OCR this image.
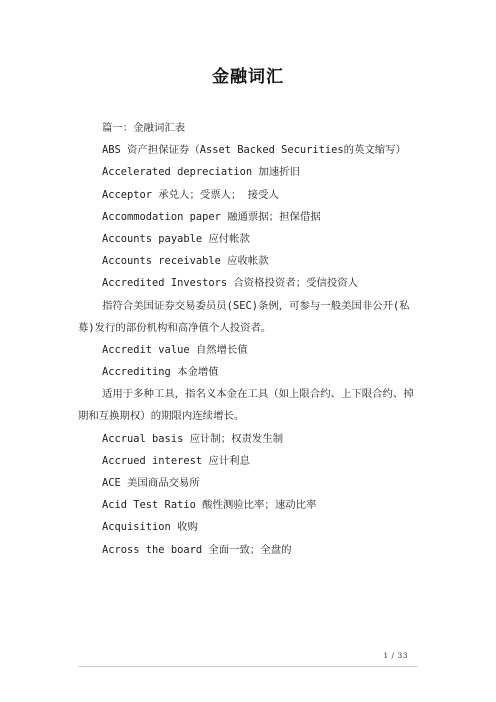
金融词汇
篇一：金融词汇表
ABS 资产担保证券（Asset Backed Securities的英文缩写）
Accelerated depreciation 加速折旧
Acceptor 承兑人；受票人； 接受人
Accommodation paper 融通票据；担保借据
Accounts payable 应付帐款
Accounts receivable 应收帐款
Accredited Investors 合资格投资者；受信投资人
指符合美国证券交易委员员(SEC)条例，可参与一般美国非公开(私募)发行的部份机构和高净值个人投资者。
Accredit value 自然增长值
Accrediting 本金增值
适用于多种工具，指名义本金在工具（如上限合约、上下限合约、掉期和互换期权）的期限内连续增长。
Accrual basis 应计制；权责发生制
Accrued interest 应计利息
ACE 美国商品交易所
Acid Test Ratio 酸性测验比率；速动比率
Acquisition 收购
Across the board 全面一致；全盘的
1 / 33
